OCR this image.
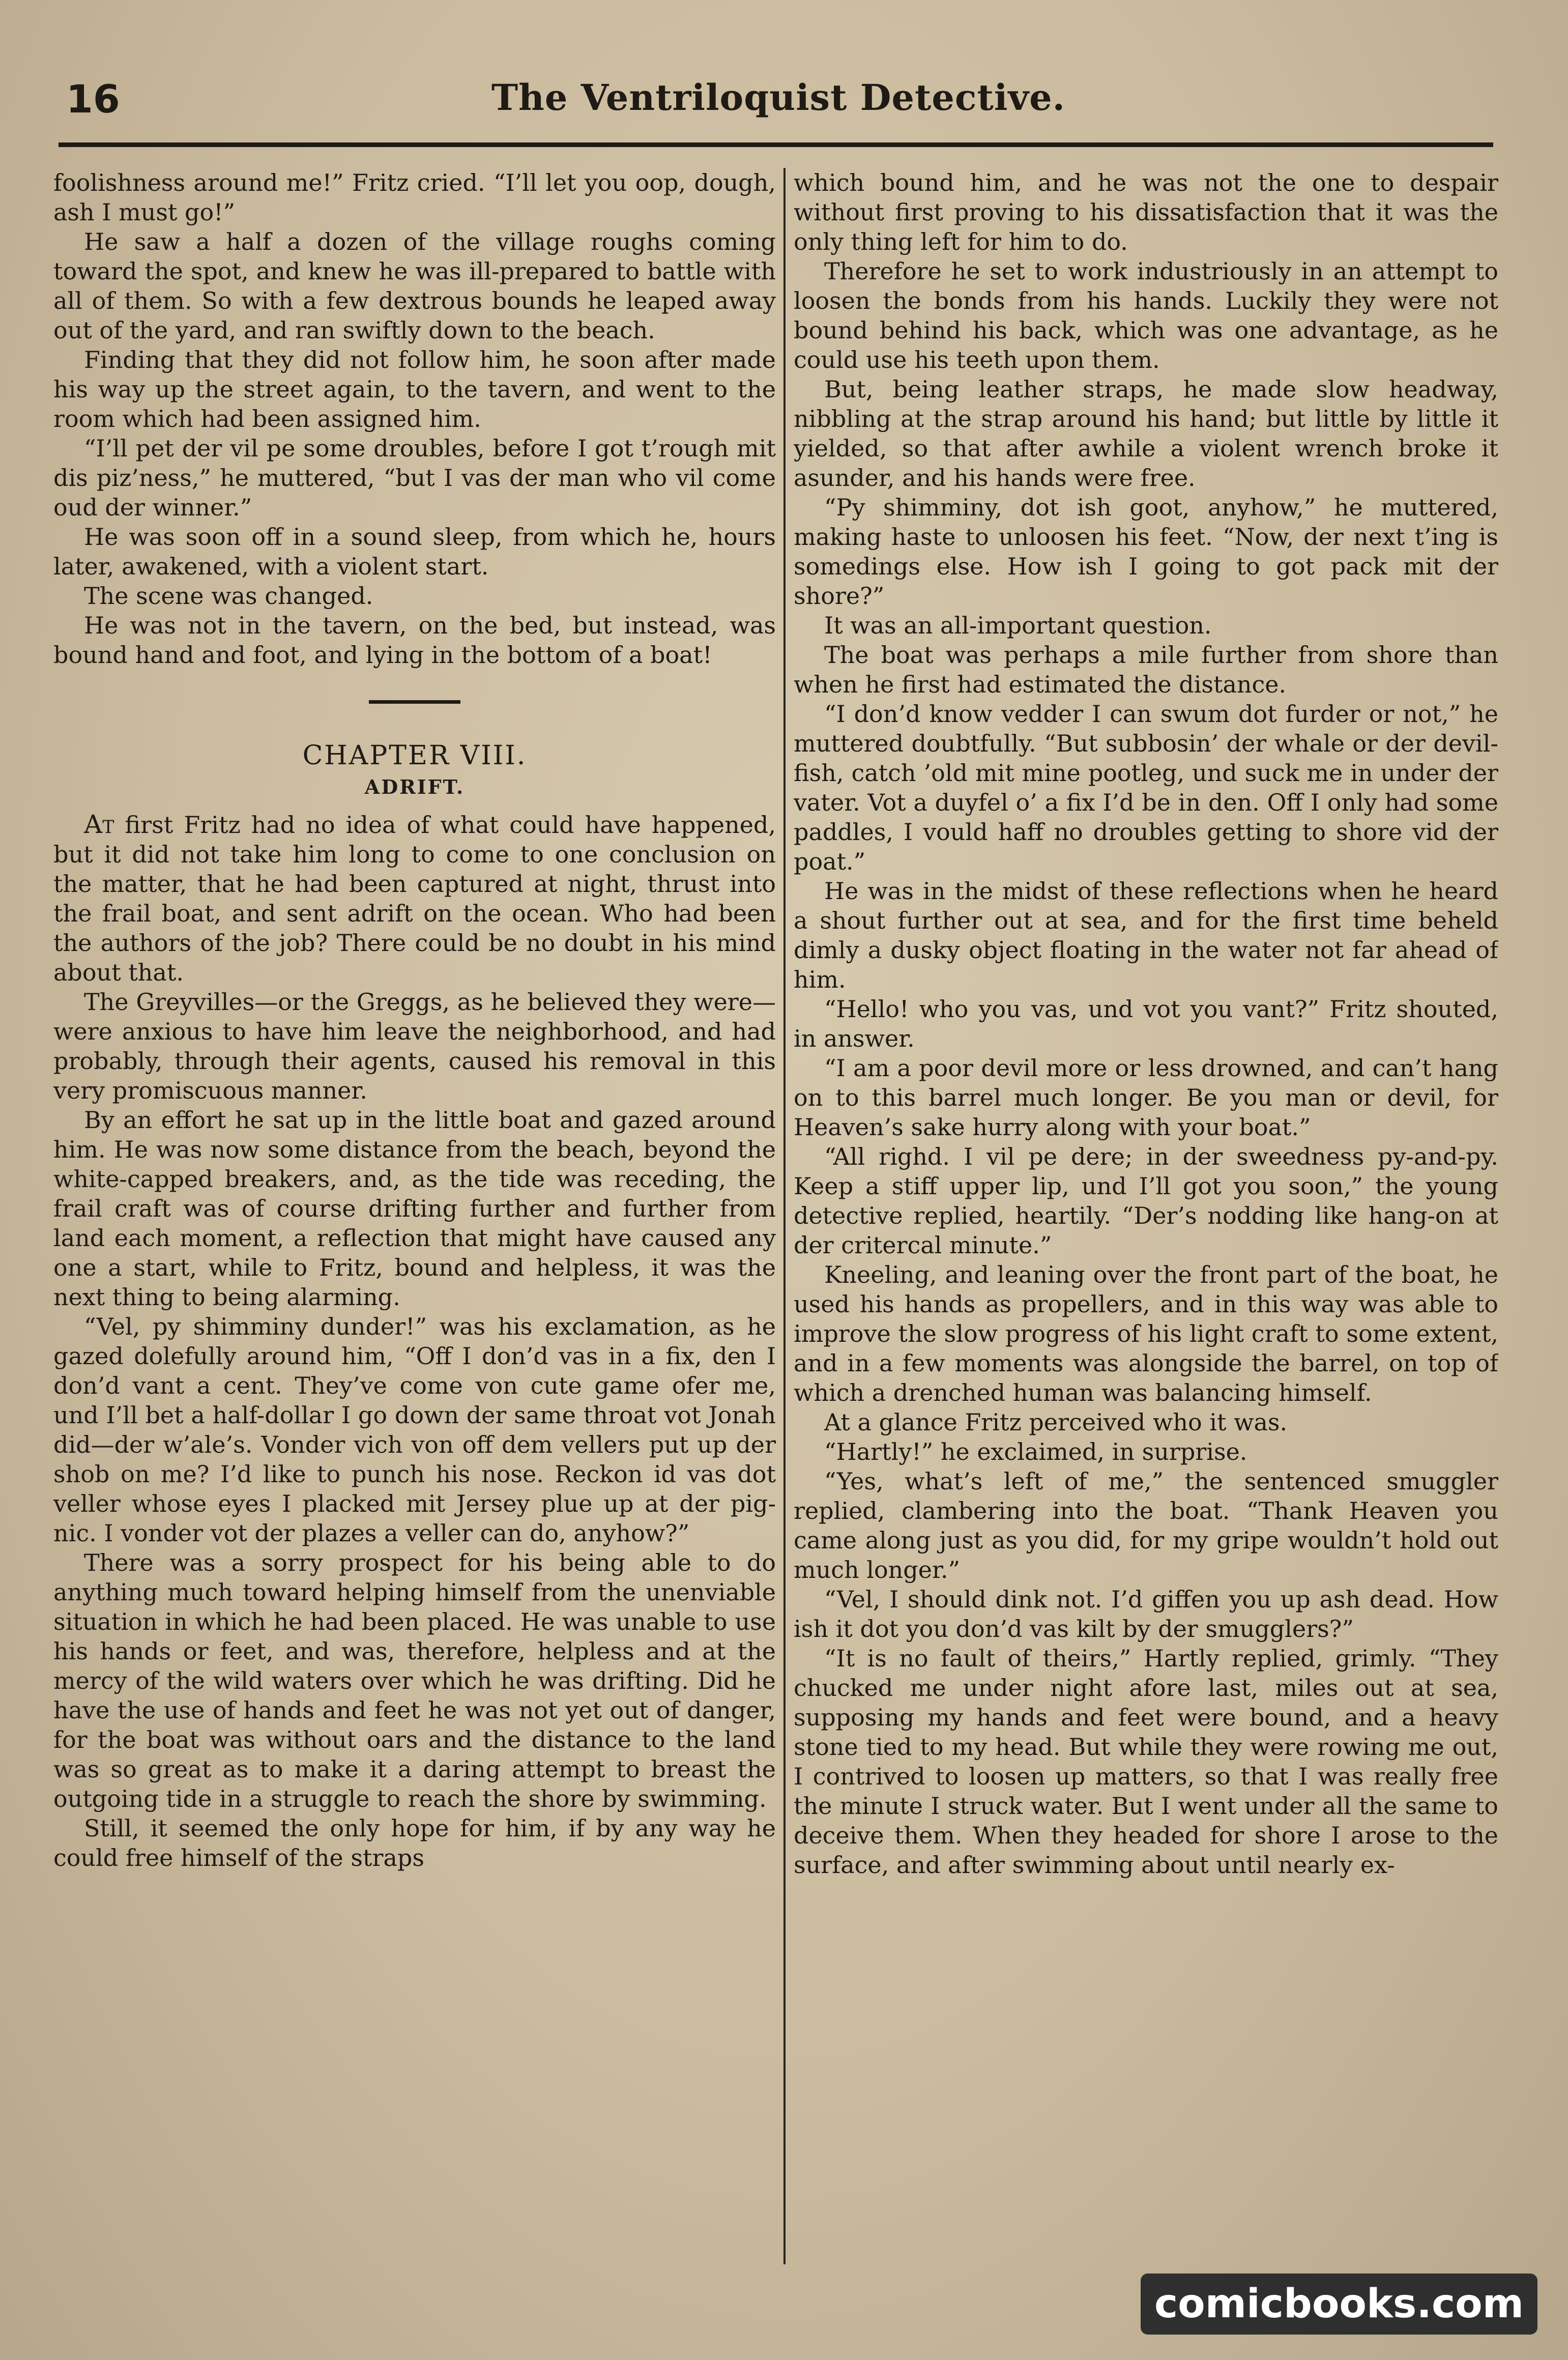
16	The Ventriloquist Detective.

foolishness around me!” Fritz cried. “I’ll let you oop, dough, ash I must go!”

He saw a half a dozen of the village roughs coming toward the spot, and knew he was ill-prepared to battle with all of them. So with a few dextrous bounds he leaped away out of the yard, and ran swiftly down to the beach.

Finding that they did not follow him, he soon after made his way up the street again, to the tavern, and went to the room which had been assigned him.

“I’ll pet der vil pe some droubles, before I got t’rough mit dis piz’ness,” he muttered, “but I vas der man who vil come oud der winner.”

He was soon off in a sound sleep, from which he, hours later, awakened, with a violent start.

The scene was changed.

He was not in the tavern, on the bed, but instead, was bound hand and foot, and lying in the bottom of a boat!

CHAPTER VIII.
ADRIFT.

At first Fritz had no idea of what could have happened, but it did not take him long to come to one conclusion on the matter, that he had been captured at night, thrust into the frail boat, and sent adrift on the ocean. Who had been the authors of the job? There could be no doubt in his mind about that.

The Greyvilles—or the Greggs, as he believed they were—were anxious to have him leave the neighborhood, and had probably, through their agents, caused his removal in this very promiscuous manner.

By an effort he sat up in the little boat and gazed around him. He was now some distance from the beach, beyond the white-capped breakers, and, as the tide was receding, the frail craft was of course drifting further and further from land each moment, a reflection that might have caused any one a start, while to Fritz, bound and helpless, it was the next thing to being alarming.

“Vel, py shimminy dunder!” was his exclamation, as he gazed dolefully around him, “Off I don’d vas in a fix, den I don’d vant a cent. They’ve come von cute game ofer me, und I’ll bet a half-dollar I go down der same throat vot Jonah did—der w’ale’s. Vonder vich von off dem vellers put up der shob on me? I’d like to punch his nose. Reckon id vas dot veller whose eyes I placked mit Jersey plue up at der pig-nic. I vonder vot der plazes a veller can do, anyhow?”

There was a sorry prospect for his being able to do anything much toward helping himself from the unenviable situation in which he had been placed. He was unable to use his hands or feet, and was, therefore, helpless and at the mercy of the wild waters over which he was drifting. Did he have the use of hands and feet he was not yet out of danger, for the boat was without oars and the distance to the land was so great as to make it a daring attempt to breast the outgoing tide in a struggle to reach the shore by swimming.

Still, it seemed the only hope for him, if by any way he could free himself of the straps

which bound him, and he was not the one to despair without first proving to his dissatisfaction that it was the only thing left for him to do.

Therefore he set to work industriously in an attempt to loosen the bonds from his hands. Luckily they were not bound behind his back, which was one advantage, as he could use his teeth upon them.

But, being leather straps, he made slow headway, nibbling at the strap around his hand; but little by little it yielded, so that after awhile a violent wrench broke it asunder, and his hands were free.

“Py shimminy, dot ish goot, anyhow,” he muttered, making haste to unloosen his feet. “Now, der next t’ing is somedings else. How ish I going to got pack mit der shore?”

It was an all-important question.

The boat was perhaps a mile further from shore than when he first had estimated the distance.

“I don’d know vedder I can swum dot furder or not,” he muttered doubtfully. “But subbosin’ der whale or der devil-fish, catch ’old mit mine pootleg, und suck me in under der vater. Vot a duyfel o’ a fix I’d be in den. Off I only had some paddles, I vould haff no droubles getting to shore vid der poat.”

He was in the midst of these reflections when he heard a shout further out at sea, and for the first time beheld dimly a dusky object floating in the water not far ahead of him.

“Hello! who you vas, und vot you vant?” Fritz shouted, in answer.

“I am a poor devil more or less drowned, and can’t hang on to this barrel much longer. Be you man or devil, for Heaven’s sake hurry along with your boat.”

“All righd. I vil pe dere; in der sweedness py-and-py. Keep a stiff upper lip, und I’ll got you soon,” the young detective replied, heartily. “Der’s nodding like hang-on at der critercal minute.”

Kneeling, and leaning over the front part of the boat, he used his hands as propellers, and in this way was able to improve the slow progress of his light craft to some extent, and in a few moments was alongside the barrel, on top of which a drenched human was balancing himself.

At a glance Fritz perceived who it was.

“Hartly!” he exclaimed, in surprise.

“Yes, what’s left of me,” the sentenced smuggler replied, clambering into the boat. “Thank Heaven you came along just as you did, for my gripe wouldn’t hold out much longer.”

“Vel, I should dink not. I’d giffen you up ash dead. How ish it dot you don’d vas kilt by der smugglers?”

“It is no fault of theirs,” Hartly replied, grimly. “They chucked me under night afore last, miles out at sea, supposing my hands and feet were bound, and a heavy stone tied to my head. But while they were rowing me out, I contrived to loosen up matters, so that I was really free the minute I struck water. But I went under all the same to deceive them. When they headed for shore I arose to the surface, and after swimming about until nearly ex-

comicbooks.com
